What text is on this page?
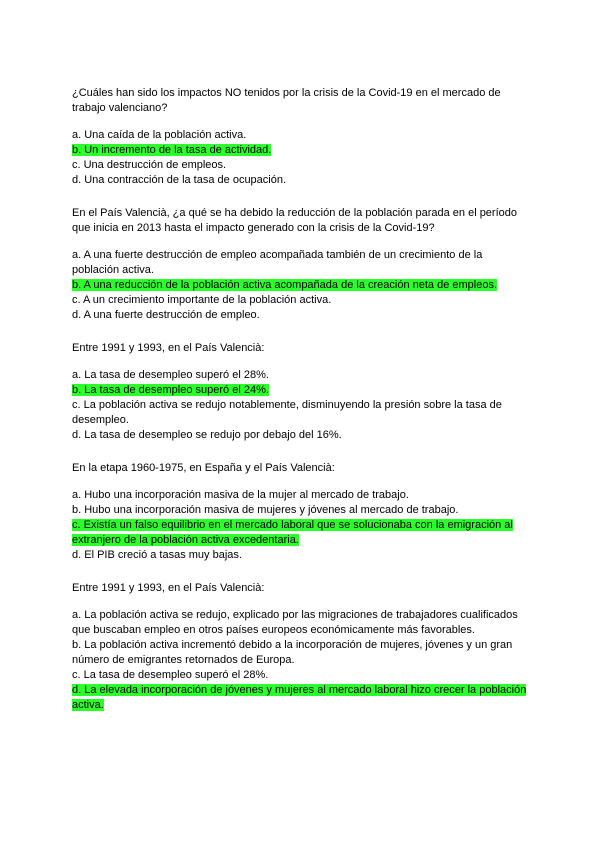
¿Cuáles han sido los impactos NO tenidos por la crisis de la Covid-19 en el mercado de trabajo valenciano?
a. Una caída de la población activa.
b. Un incremento de la tasa de actividad.
c. Una destrucción de empleos.
d. Una contracción de la tasa de ocupación.
En el País Valencià, ¿a qué se ha debido la reducción de la población parada en el período que inicia en 2013 hasta el impacto generado con la crisis de la Covid-19?
a. A una fuerte destrucción de empleo acompañada también de un crecimiento de la población activa.
b. A una reducción de la población activa acompañada de la creación neta de empleos.
c. A un crecimiento importante de la población activa.
d. A una fuerte destrucción de empleo.
Entre 1991 y 1993, en el País Valencià:
a. La tasa de desempleo superó el 28%.
b. La tasa de desempleo superó el 24%.
c. La población activa se redujo notablemente, disminuyendo la presión sobre la tasa de desempleo.
d. La tasa de desempleo se redujo por debajo del 16%.
En la etapa 1960-1975, en España y el País Valencià:
a. Hubo una incorporación masiva de la mujer al mercado de trabajo.
b. Hubo una incorporación masiva de mujeres y jóvenes al mercado de trabajo.
c. Existía un falso equilibrio en el mercado laboral que se solucionaba con la emigración al extranjero de la población activa excedentaria.
d. El PIB creció a tasas muy bajas.
Entre 1991 y 1993, en el País Valencià:
a. La población activa se redujo, explicado por las migraciones de trabajadores cualificados que buscaban empleo en otros países europeos económicamente más favorables.
b. La población activa incrementó debido a la incorporación de mujeres, jóvenes y un gran número de emigrantes retornados de Europa.
c. La tasa de desempleo superó el 28%.
d. La elevada incorporación de jóvenes y mujeres al mercado laboral hizo crecer la población activa.
